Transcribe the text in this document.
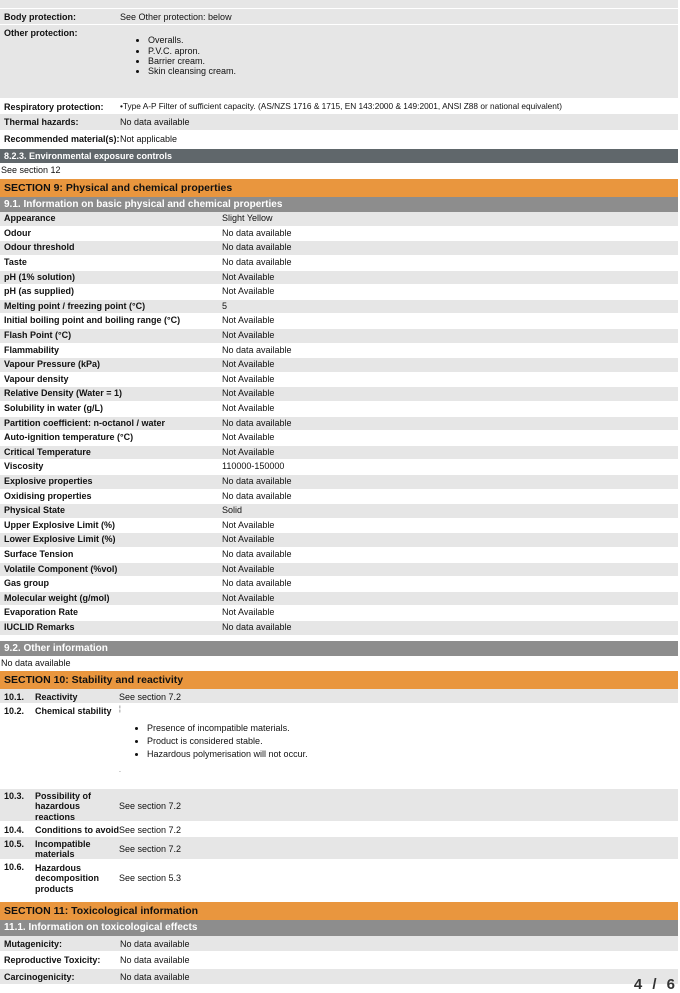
Body protection:	See Other protection: below
Other protection:
• Overalls.
• P.V.C. apron.
• Barrier cream.
• Skin cleansing cream.
Respiratory protection:	•Type A-P Filter of sufficient capacity. (AS/NZS 1716 & 1715, EN 143:2000 & 149:2001, ANSI Z88 or national equivalent)
Thermal hazards:	No data available
Recommended material(s): Not applicable
8.2.3. Environmental exposure controls
See section 12
SECTION 9: Physical and chemical properties
9.1. Information on basic physical and chemical properties
Appearance	Slight Yellow
Odour	No data available
Odour threshold	No data available
Taste	No data available
pH (1% solution)	Not Available
pH (as supplied)	Not Available
Melting point / freezing point (°C)	5
Initial boiling point and boiling range (°C)	Not Available
Flash Point (°C)	Not Available
Flammability	No data available
Vapour Pressure (kPa)	Not Available
Vapour density	Not Available
Relative Density (Water = 1)	Not Available
Solubility in water (g/L)	Not Available
Partition coefficient: n-octanol / water	No data available
Auto-ignition temperature (°C)	Not Available
Critical Temperature	Not Available
Viscosity	110000-150000
Explosive properties	No data available
Oxidising properties	No data available
Physical State	Solid
Upper Explosive Limit (%)	Not Available
Lower Explosive Limit (%)	Not Available
Surface Tension	No data available
Volatile Component (%vol)	Not Available
Gas group	No data available
Molecular weight (g/mol)	Not Available
Evaporation Rate	Not Available
IUCLID Remarks	No data available
9.2. Other information
No data available
SECTION 10: Stability and reactivity
10.1.	Reactivity	See section 7.2
10.2.	Chemical stability	¦
• Presence of incompatible materials.
• Product is considered stable.
• Hazardous polymerisation will not occur.
.
10.3.	Possibility of hazardous reactions
See section 7.2
10.4.	Conditions to avoid See section 7.2
10.5.	Incompatible materials
See section 7.2
10.6.	Hazardous decomposition products
See section 5.3
SECTION 11: Toxicological information
11.1. Information on toxicological effects
Mutagenicity:	No data available
Reproductive Toxicity:	No data available
Carcinogenicity:	No data available	4 / 6
